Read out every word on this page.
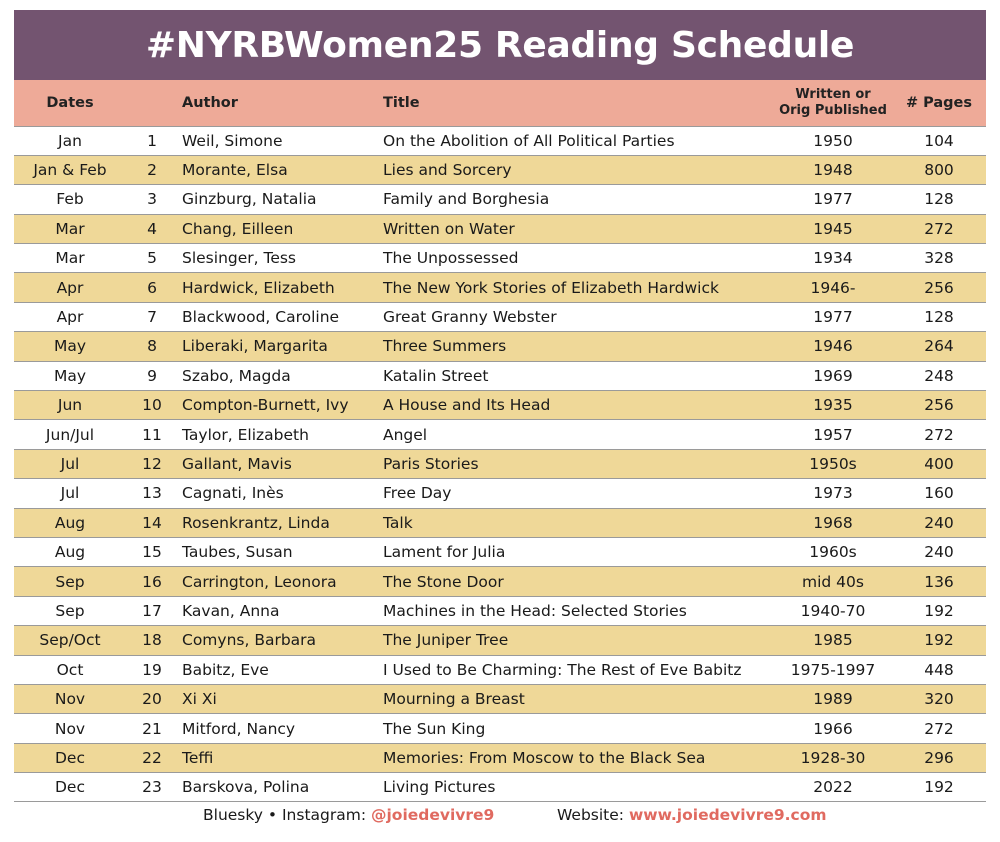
#NYRBWomen25 Reading Schedule
Dates		Author	Title	Written or
Orig Published	# Pages
Jan	1	Weil, Simone	On the Abolition of All Political Parties	1950	104
Jan & Feb	2	Morante, Elsa	Lies and Sorcery	1948	800
Feb	3	Ginzburg, Natalia	Family and Borghesia	1977	128
Mar	4	Chang, Eilleen	Written on Water	1945	272
Mar	5	Slesinger, Tess	The Unpossessed	1934	328
Apr	6	Hardwick, Elizabeth	The New York Stories of Elizabeth Hardwick	1946-	256
Apr	7	Blackwood, Caroline	Great Granny Webster	1977	128
May	8	Liberaki, Margarita	Three Summers	1946	264
May	9	Szabo, Magda	Katalin Street	1969	248
Jun	10	Compton-Burnett, Ivy	A House and Its Head	1935	256
Jun/Jul	11	Taylor, Elizabeth	Angel	1957	272
Jul	12	Gallant, Mavis	Paris Stories	1950s	400
Jul	13	Cagnati, Inès	Free Day	1973	160
Aug	14	Rosenkrantz, Linda	Talk	1968	240
Aug	15	Taubes, Susan	Lament for Julia	1960s	240
Sep	16	Carrington, Leonora	The Stone Door	mid 40s	136
Sep	17	Kavan, Anna	Machines in the Head: Selected Stories	1940-70	192
Sep/Oct	18	Comyns, Barbara	The Juniper Tree	1985	192
Oct	19	Babitz, Eve	I Used to Be Charming: The Rest of Eve Babitz	1975-1997	448
Nov	20	Xi Xi	Mourning a Breast	1989	320
Nov	21	Mitford, Nancy	The Sun King	1966	272
Dec	22	Teffi	Memories: From Moscow to the Black Sea	1928-30	296
Dec	23	Barskova, Polina	Living Pictures	2022	192
Bluesky • Instagram: @joiedevivre9	Website: www.joiedevivre9.com
